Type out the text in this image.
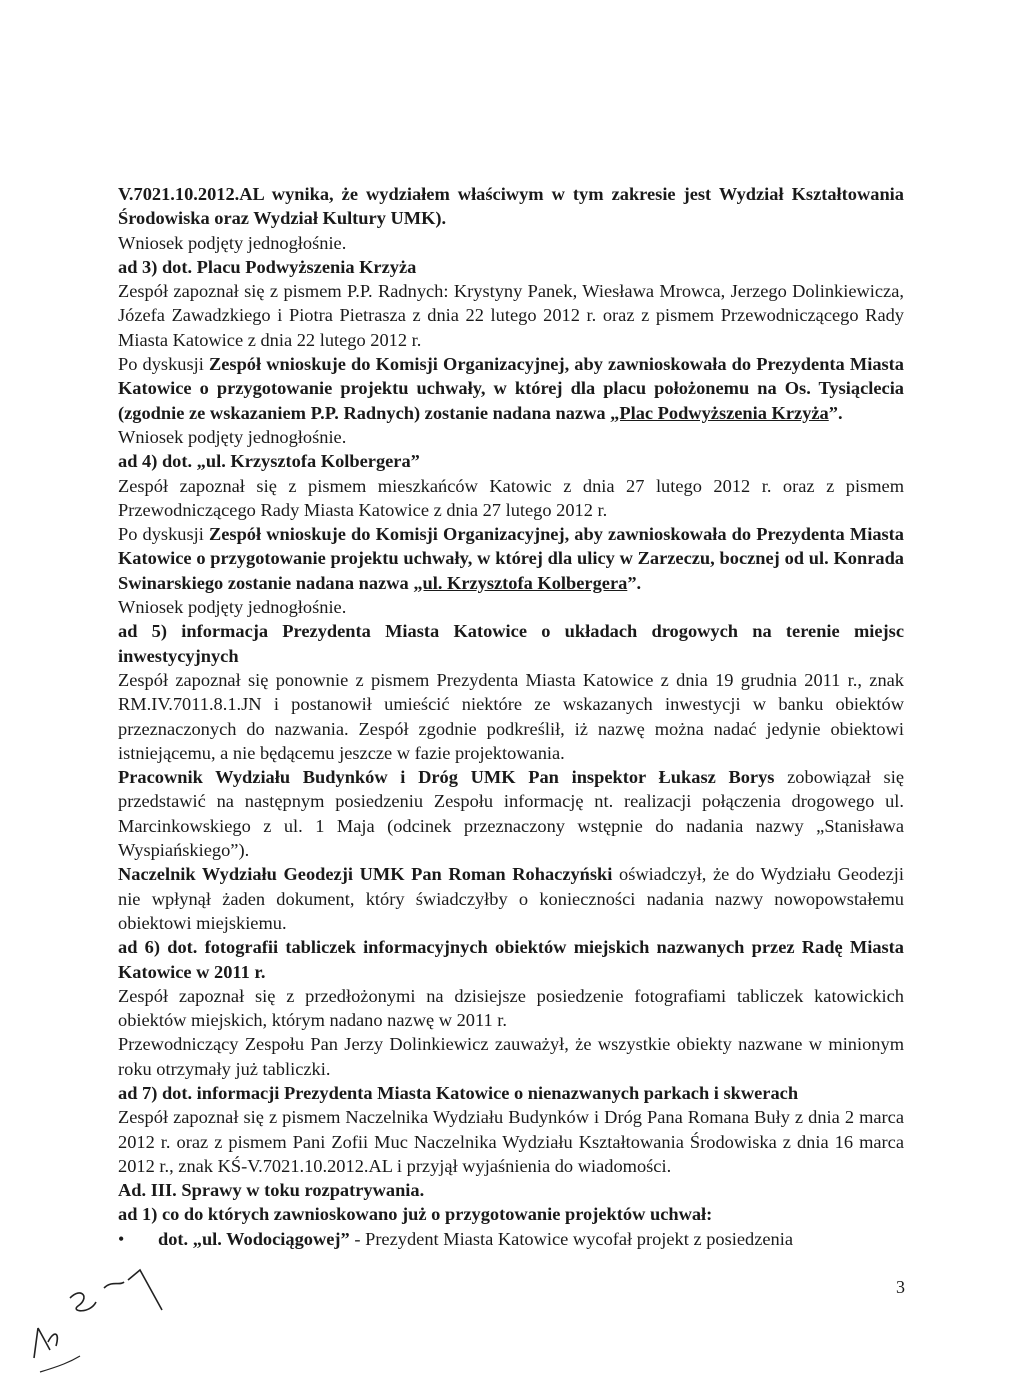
V.7021.10.2012.AL wynika, że wydziałem właściwym w tym zakresie jest Wydział Kształtowania Środowiska oraz Wydział Kultury UMK).

Wniosek podjęty jednogłośnie.

ad 3) dot. Placu Podwyższenia Krzyża

Zespół zapoznał się z pismem P.P. Radnych: Krystyny Panek, Wiesława Mrowca, Jerzego Dolinkiewicza, Józefa Zawadzkiego i Piotra Pietrasza z dnia 22 lutego 2012 r. oraz z pismem Przewodniczącego Rady Miasta Katowice z dnia 22 lutego 2012 r.

Po dyskusji Zespół wnioskuje do Komisji Organizacyjnej, aby zawnioskowała do Prezydenta Miasta Katowice o przygotowanie projektu uchwały, w której dla placu położonemu na Os. Tysiąclecia (zgodnie ze wskazaniem P.P. Radnych) zostanie nadana nazwa „Plac Podwyższenia Krzyża”.

Wniosek podjęty jednogłośnie.

ad 4) dot. „ul. Krzysztofa Kolbergera”

Zespół zapoznał się z pismem mieszkańców Katowic z dnia 27 lutego 2012 r. oraz z pismem Przewodniczącego Rady Miasta Katowice z dnia 27 lutego 2012 r.

Po dyskusji Zespół wnioskuje do Komisji Organizacyjnej, aby zawnioskowała do Prezydenta Miasta Katowice o przygotowanie projektu uchwały, w której dla ulicy w Zarzeczu, bocznej od ul. Konrada Swinarskiego zostanie nadana nazwa „ul. Krzysztofa Kolbergera”.

Wniosek podjęty jednogłośnie.

ad 5) informacja Prezydenta Miasta Katowice o układach drogowych na terenie miejsc inwestycyjnych

Zespół zapoznał się ponownie z pismem Prezydenta Miasta Katowice z dnia 19 grudnia 2011 r., znak RM.IV.7011.8.1.JN i postanowił umieścić niektóre ze wskazanych inwestycji w banku obiektów przeznaczonych do nazwania. Zespół zgodnie podkreślił, iż nazwę można nadać jedynie obiektowi istniejącemu, a nie będącemu jeszcze w fazie projektowania.

Pracownik Wydziału Budynków i Dróg UMK Pan inspektor Łukasz Borys zobowiązał się przedstawić na następnym posiedzeniu Zespołu informację nt. realizacji połączenia drogowego ul. Marcinkowskiego z ul. 1 Maja (odcinek przeznaczony wstępnie do nadania nazwy „Stanisława Wyspiańskiego”).

Naczelnik Wydziału Geodezji UMK Pan Roman Rohaczyński oświadczył, że do Wydziału Geodezji nie wpłynął żaden dokument, który świadczyłby o konieczności nadania nazwy nowopowstałemu obiektowi miejskiemu.

ad 6) dot. fotografii tabliczek informacyjnych obiektów miejskich nazwanych przez Radę Miasta Katowice w 2011 r.

Zespół zapoznał się z przedłożonymi na dzisiejsze posiedzenie fotografiami tabliczek katowickich obiektów miejskich, którym nadano nazwę w 2011 r.

Przewodniczący Zespołu Pan Jerzy Dolinkiewicz zauważył, że wszystkie obiekty nazwane w minionym roku otrzymały już tabliczki.

ad 7) dot. informacji Prezydenta Miasta Katowice o nienazwanych parkach i skwerach

Zespół zapoznał się z pismem Naczelnika Wydziału Budynków i Dróg Pana Romana Buły z dnia 2 marca 2012 r. oraz z pismem Pani Zofii Muc Naczelnika Wydziału Kształtowania Środowiska z dnia 16 marca 2012 r., znak KŚ-V.7021.10.2012.AL i przyjął wyjaśnienia do wiadomości.

Ad. III. Sprawy w toku rozpatrywania.

ad 1) co do których zawnioskowano już o przygotowanie projektów uchwał:

• dot. „ul. Wodociągowej” - Prezydent Miasta Katowice wycofał projekt z posiedzenia
3
